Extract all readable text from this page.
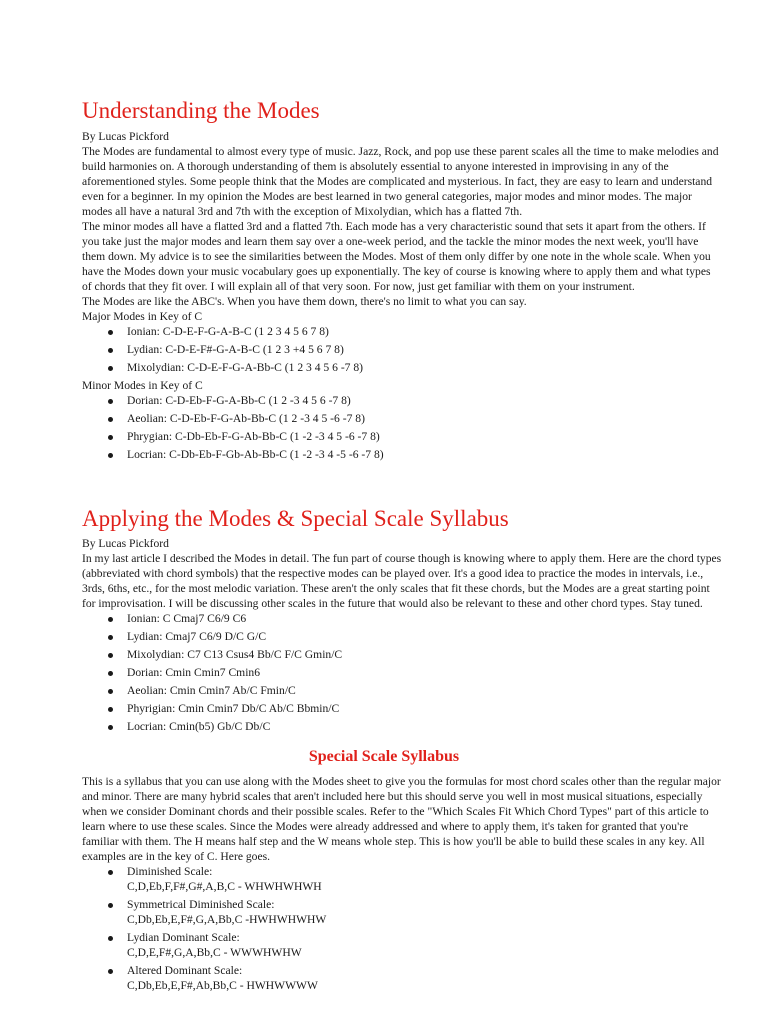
Understanding the Modes

By Lucas Pickford

The Modes are fundamental to almost every type of music. Jazz, Rock, and pop use these parent scales all the time to make melodies and build harmonies on. A thorough understanding of them is absolutely essential to anyone interested in improvising in any of the aforementioned styles. Some people think that the Modes are complicated and mysterious. In fact, they are easy to learn and understand even for a beginner. In my opinion the Modes are best learned in two general categories, major modes and minor modes. The major modes all have a natural 3rd and 7th with the exception of Mixolydian, which has a flatted 7th.

The minor modes all have a flatted 3rd and a flatted 7th. Each mode has a very characteristic sound that sets it apart from the others. If you take just the major modes and learn them say over a one-week period, and the tackle the minor modes the next week, you'll have them down. My advice is to see the similarities between the Modes. Most of them only differ by one note in the whole scale. When you have the Modes down your music vocabulary goes up exponentially. The key of course is knowing where to apply them and what types of chords that they fit over. I will explain all of that very soon. For now, just get familiar with them on your instrument.

The Modes are like the ABC's. When you have them down, there's no limit to what you can say.

Major Modes in Key of C

Ionian: C-D-E-F-G-A-B-C (1 2 3 4 5 6 7 8)
Lydian: C-D-E-F#-G-A-B-C (1 2 3 +4 5 6 7 8)
Mixolydian: C-D-E-F-G-A-Bb-C (1 2 3 4 5 6 -7 8)

Minor Modes in Key of C

Dorian: C-D-Eb-F-G-A-Bb-C (1 2 -3 4 5 6 -7 8)
Aeolian: C-D-Eb-F-G-Ab-Bb-C (1 2 -3 4 5 -6 -7 8)
Phrygian: C-Db-Eb-F-G-Ab-Bb-C (1 -2 -3 4 5 -6 -7 8)
Locrian: C-Db-Eb-F-Gb-Ab-Bb-C (1 -2 -3 4 -5 -6 -7 8)
Applying the Modes & Special Scale Syllabus

By Lucas Pickford

In my last article I described the Modes in detail. The fun part of course though is knowing where to apply them. Here are the chord types (abbreviated with chord symbols) that the respective modes can be played over. It's a good idea to practice the modes in intervals, i.e., 3rds, 6ths, etc., for the most melodic variation. These aren't the only scales that fit these chords, but the Modes are a great starting point for improvisation. I will be discussing other scales in the future that would also be relevant to these and other chord types. Stay tuned.

Ionian: C Cmaj7 C6/9 C6
Lydian: Cmaj7 C6/9 D/C G/C
Mixolydian: C7 C13 Csus4 Bb/C F/C Gmin/C
Dorian: Cmin Cmin7 Cmin6
Aeolian: Cmin Cmin7 Ab/C Fmin/C
Phyrigian: Cmin Cmin7 Db/C Ab/C Bbmin/C
Locrian: Cmin(b5) Gb/C Db/C
Special Scale Syllabus

This is a syllabus that you can use along with the Modes sheet to give you the formulas for most chord scales other than the regular major and minor. There are many hybrid scales that aren't included here but this should serve you well in most musical situations, especially when we consider Dominant chords and their possible scales. Refer to the "Which Scales Fit Which Chord Types" part of this article to learn where to use these scales. Since the Modes were already addressed and where to apply them, it's taken for granted that you're familiar with them. The H means half step and the W means whole step. This is how you'll be able to build these scales in any key. All examples are in the key of C. Here goes.

Diminished Scale:
C,D,Eb,F,F#,G#,A,B,C - WHWHWHWH
Symmetrical Diminished Scale:
C,Db,Eb,E,F#,G,A,Bb,C -HWHWHWHW
Lydian Dominant Scale:
C,D,E,F#,G,A,Bb,C - WWWHWHW
Altered Dominant Scale:
C,Db,Eb,E,F#,Ab,Bb,C - HWHWWWW
